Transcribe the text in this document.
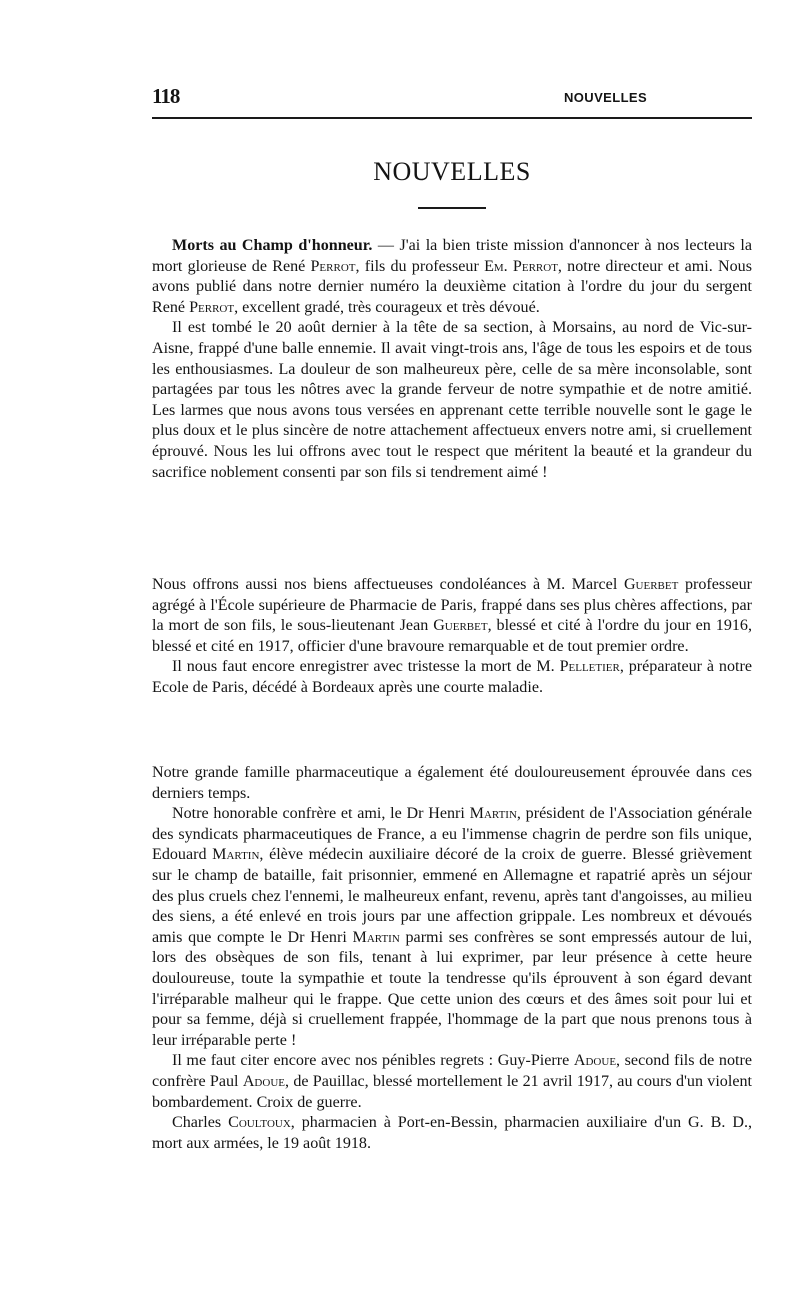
118	NOUVELLES
NOUVELLES

Morts au Champ d'honneur. — J'ai la bien triste mission d'annoncer à nos lecteurs la mort glorieuse de René Perrot, fils du professeur Em. Perrot, notre directeur et ami. Nous avons publié dans notre dernier numéro la deuxième citation à l'ordre du jour du sergent René Perrot, excellent gradé, très courageux et très dévoué.

Il est tombé le 20 août dernier à la tête de sa section, à Morsains, au nord de Vic-sur-Aisne, frappé d'une balle ennemie. Il avait vingt-trois ans, l'âge de tous les espoirs et de tous les enthousiasmes. La douleur de son malheureux père, celle de sa mère inconsolable, sont partagées par tous les nôtres avec la grande ferveur de notre sympathie et de notre amitié. Les larmes que nous avons tous versées en apprenant cette terrible nouvelle sont le gage le plus doux et le plus sincère de notre attachement affectueux envers notre ami, si cruellement éprouvé. Nous les lui offrons avec tout le respect que méritent la beauté et la grandeur du sacrifice noblement consenti par son fils si tendrement aimé !

Nous offrons aussi nos biens affectueuses condoléances à M. Marcel Guerbet professeur agrégé à l'École supérieure de Pharmacie de Paris, frappé dans ses plus chères affections, par la mort de son fils, le sous-lieutenant Jean Guerbet, blessé et cité à l'ordre du jour en 1916, blessé et cité en 1917, officier d'une bravoure remarquable et de tout premier ordre.

Il nous faut encore enregistrer avec tristesse la mort de M. Pelletier, préparateur à notre Ecole de Paris, décédé à Bordeaux après une courte maladie.

Notre grande famille pharmaceutique a également été douloureusement éprouvée dans ces derniers temps.

Notre honorable confrère et ami, le Dr Henri Martin, président de l'Association générale des syndicats pharmaceutiques de France, a eu l'immense chagrin de perdre son fils unique, Edouard Martin, élève médecin auxiliaire décoré de la croix de guerre. Blessé grièvement sur le champ de bataille, fait prisonnier, emmené en Allemagne et rapatrié après un séjour des plus cruels chez l'ennemi, le malheureux enfant, revenu, après tant d'angoisses, au milieu des siens, a été enlevé en trois jours par une affection grippale. Les nombreux et dévoués amis que compte le Dr Henri Martin parmi ses confrères se sont empressés autour de lui, lors des obsèques de son fils, tenant à lui exprimer, par leur présence à cette heure douloureuse, toute la sympathie et toute la tendresse qu'ils éprouvent à son égard devant l'irréparable malheur qui le frappe. Que cette union des cœurs et des âmes soit pour lui et pour sa femme, déjà si cruellement frappée, l'hommage de la part que nous prenons tous à leur irréparable perte !

Il me faut citer encore avec nos pénibles regrets : Guy-Pierre Adoue, second fils de notre confrère Paul Adoue, de Pauillac, blessé mortellement le 21 avril 1917, au cours d'un violent bombardement. Croix de guerre.

Charles Coultoux, pharmacien à Port-en-Bessin, pharmacien auxiliaire d'un G. B. D., mort aux armées, le 19 août 1918.
